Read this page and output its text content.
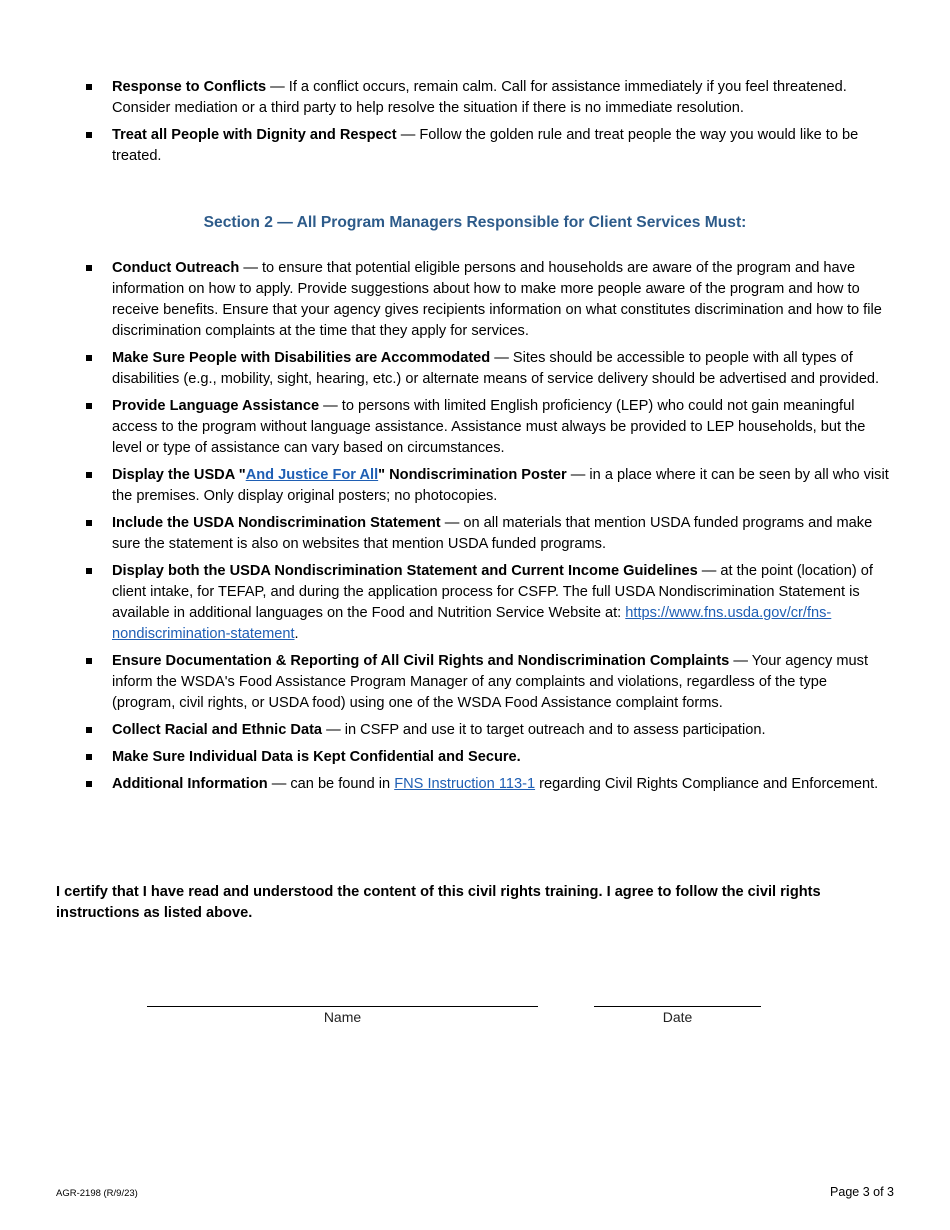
Response to Conflicts — If a conflict occurs, remain calm. Call for assistance immediately if you feel threatened. Consider mediation or a third party to help resolve the situation if there is no immediate resolution.
Treat all People with Dignity and Respect — Follow the golden rule and treat people the way you would like to be treated.
Section 2 — All Program Managers Responsible for Client Services Must:
Conduct Outreach — to ensure that potential eligible persons and households are aware of the program and have information on how to apply. Provide suggestions about how to make more people aware of the program and how to receive benefits. Ensure that your agency gives recipients information on what constitutes discrimination and how to file discrimination complaints at the time that they apply for services.
Make Sure People with Disabilities are Accommodated — Sites should be accessible to people with all types of disabilities (e.g., mobility, sight, hearing, etc.) or alternate means of service delivery should be advertised and provided.
Provide Language Assistance — to persons with limited English proficiency (LEP) who could not gain meaningful access to the program without language assistance. Assistance must always be provided to LEP households, but the level or type of assistance can vary based on circumstances.
Display the USDA "And Justice For All" Nondiscrimination Poster — in a place where it can be seen by all who visit the premises. Only display original posters; no photocopies.
Include the USDA Nondiscrimination Statement — on all materials that mention USDA funded programs and make sure the statement is also on websites that mention USDA funded programs.
Display both the USDA Nondiscrimination Statement and Current Income Guidelines — at the point (location) of client intake, for TEFAP, and during the application process for CSFP. The full USDA Nondiscrimination Statement is available in additional languages on the Food and Nutrition Service Website at: https://www.fns.usda.gov/cr/fns-nondiscrimination-statement.
Ensure Documentation & Reporting of All Civil Rights and Nondiscrimination Complaints — Your agency must inform the WSDA's Food Assistance Program Manager of any complaints and violations, regardless of the type (program, civil rights, or USDA food) using one of the WSDA Food Assistance complaint forms.
Collect Racial and Ethnic Data — in CSFP and use it to target outreach and to assess participation.
Make Sure Individual Data is Kept Confidential and Secure.
Additional Information — can be found in FNS Instruction 113-1 regarding Civil Rights Compliance and Enforcement.
I certify that I have read and understood the content of this civil rights training. I agree to follow the civil rights instructions as listed above.
Name	Date
AGR-2198 (R/9/23)	Page 3 of 3
